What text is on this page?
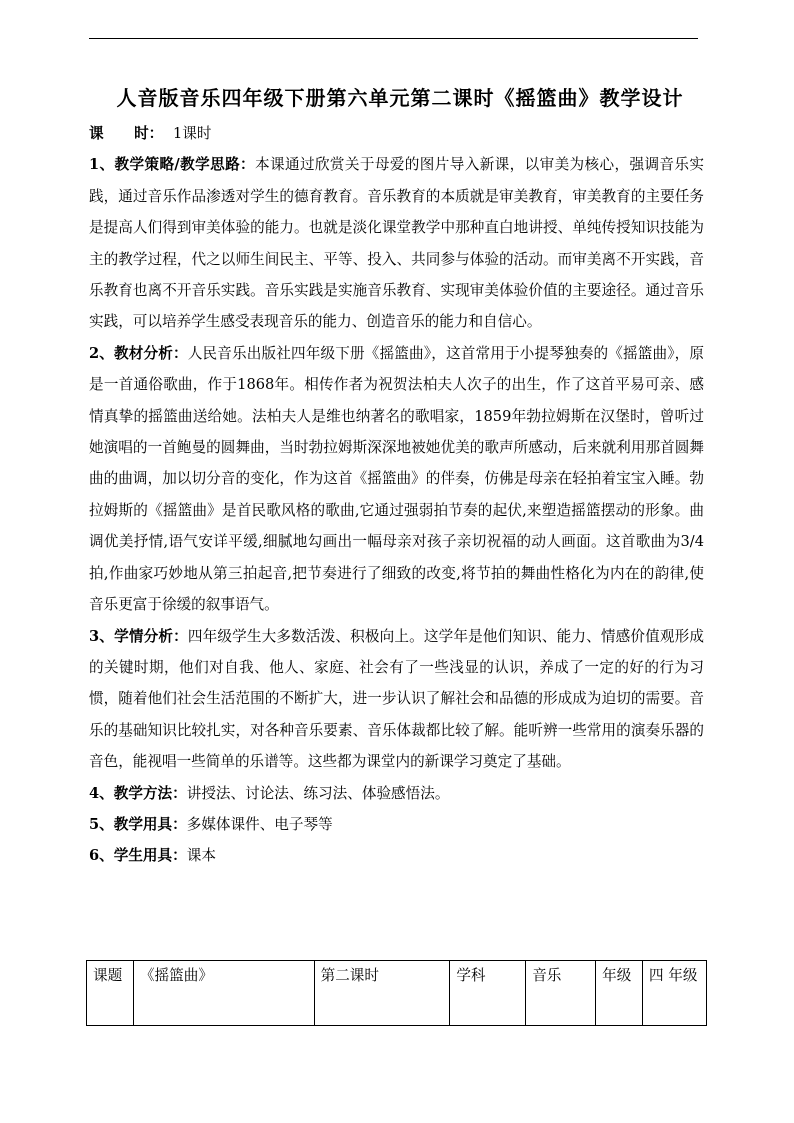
人音版音乐四年级下册第六单元第二课时《摇篮曲》教学设计

课      时： 1课时

1、教学策略/教学思路：本课通过欣赏关于母爱的图片导入新课，以审美为核心，强调音乐实践，通过音乐作品渗透对学生的德育教育。音乐教育的本质就是审美教育，审美教育的主要任务是提高人们得到审美体验的能力。也就是淡化课堂教学中那种直白地讲授、单纯传授知识技能为主的教学过程，代之以师生间民主、平等、投入、共同参与体验的活动。而审美离不开实践，音乐教育也离不开音乐实践。音乐实践是实施音乐教育、实现审美体验价值的主要途径。通过音乐实践，可以培养学生感受表现音乐的能力、创造音乐的能力和自信心。

2、教材分析：人民音乐出版社四年级下册《摇篮曲》，这首常用于小提琴独奏的《摇篮曲》，原是一首通俗歌曲，作于1868年。相传作者为祝贺法柏夫人次子的出生，作了这首平易可亲、感情真挚的摇篮曲送给她。法柏夫人是维也纳著名的歌唱家，1859年勃拉姆斯在汉堡时，曾听过她演唱的一首鲍曼的圆舞曲，当时勃拉姆斯深深地被她优美的歌声所感动，后来就利用那首圆舞曲的曲调，加以切分音的变化，作为这首《摇篮曲》的伴奏，仿佛是母亲在轻拍着宝宝入睡。勃拉姆斯的《摇篮曲》是首民歌风格的歌曲,它通过强弱拍节奏的起伏,来塑造摇篮摆动的形象。曲调优美抒情,语气安详平缓,细腻地勾画出一幅母亲对孩子亲切祝福的动人画面。这首歌曲为3/4拍,作曲家巧妙地从第三拍起音,把节奏进行了细致的改变,将节拍的舞曲性格化为内在的韵律,使音乐更富于徐缓的叙事语气。

3、学情分析：四年级学生大多数活泼、积极向上。这学年是他们知识、能力、情感价值观形成的关键时期，他们对自我、他人、家庭、社会有了一些浅显的认识，养成了一定的好的行为习惯，随着他们社会生活范围的不断扩大，进一步认识了解社会和品德的形成成为迫切的需要。音乐的基础知识比较扎实，对各种音乐要素、音乐体裁都比较了解。能听辨一些常用的演奏乐器的音色，能视唱一些简单的乐谱等。这些都为课堂内的新课学习奠定了基础。

4、教学方法：讲授法、讨论法、练习法、体验感悟法。

5、教学用具：多媒体课件、电子琴等

6、学生用具：课本

课题	《摇篮曲》	第二课时	学科	音乐	年级	四 年级
